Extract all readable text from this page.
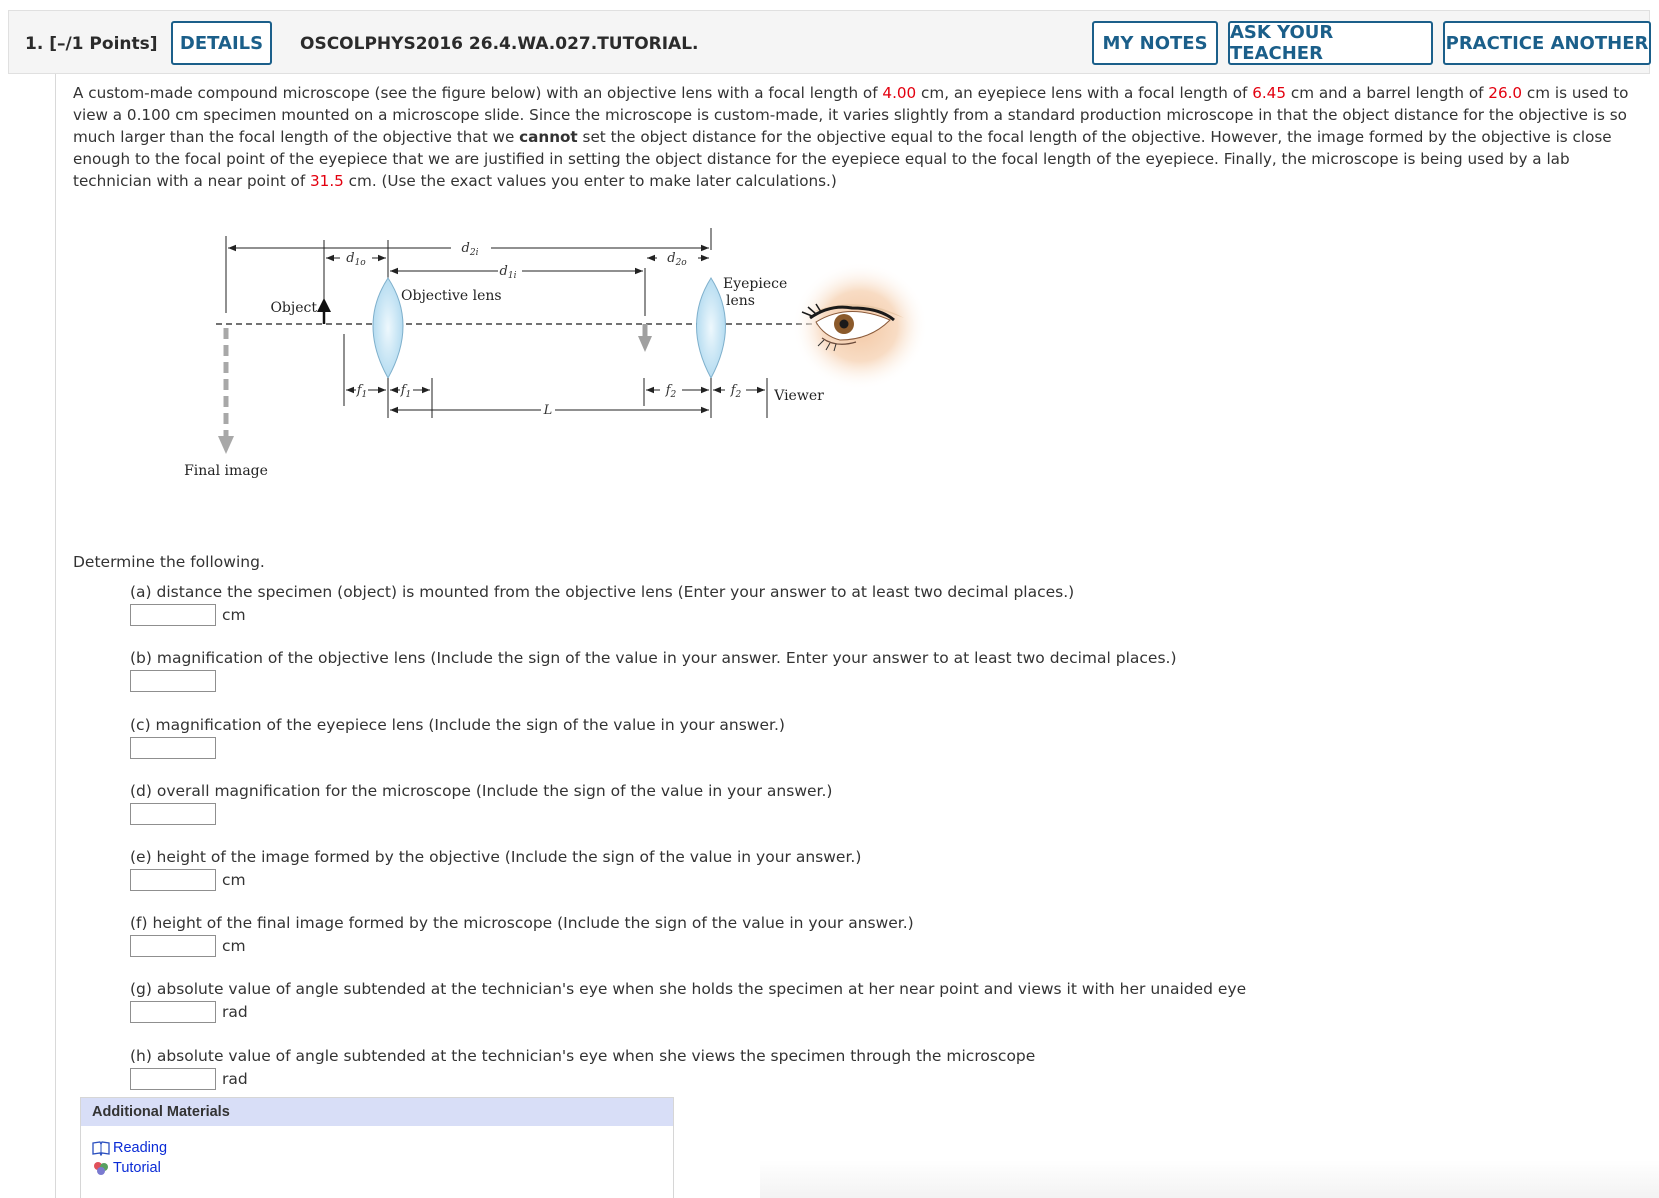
1. [–/1 Points]	DETAILS	OSCOLPHYS2016 26.4.WA.027.TUTORIAL.	MY NOTES	ASK YOUR TEACHER	PRACTICE ANOTHER
A custom-made compound microscope (see the figure below) with an objective lens with a focal length of 4.00 cm, an eyepiece lens with a focal length of 6.45 cm and a barrel length of 26.0 cm is used to view a 0.100 cm specimen mounted on a microscope slide. Since the microscope is custom-made, it varies slightly from a standard production microscope in that the object distance for the objective is so much larger than the focal length of the objective that we cannot set the object distance for the objective equal to the focal length of the objective. However, the image formed by the objective is close enough to the focal point of the eyepiece that we are justified in setting the object distance for the eyepiece equal to the focal length of the eyepiece. Finally, the microscope is being used by a lab technician with a near point of 31.5 cm. (Use the exact values you enter to make later calculations.)
$d_{2i}$
$d_{1o}$
$d_{1i}$
$d_{2o}$
Object
Final image
Objective lens
Eyepiece
lens
$f_1$	$f_1$	$f_2$	$f_2$
L
Viewer
Determine the following.
(a) distance the specimen (object) is mounted from the objective lens (Enter your answer to at least two decimal places.)
cm
(b) magnification of the objective lens (Include the sign of the value in your answer. Enter your answer to at least two decimal places.)
(c) magnification of the eyepiece lens (Include the sign of the value in your answer.)
(d) overall magnification for the microscope (Include the sign of the value in your answer.)
(e) height of the image formed by the objective (Include the sign of the value in your answer.)
cm
(f) height of the final image formed by the microscope (Include the sign of the value in your answer.)
cm
(g) absolute value of angle subtended at the technician's eye when she holds the specimen at her near point and views it with her unaided eye
rad
(h) absolute value of angle subtended at the technician's eye when she views the specimen through the microscope
rad
Additional Materials
Reading
Tutorial
